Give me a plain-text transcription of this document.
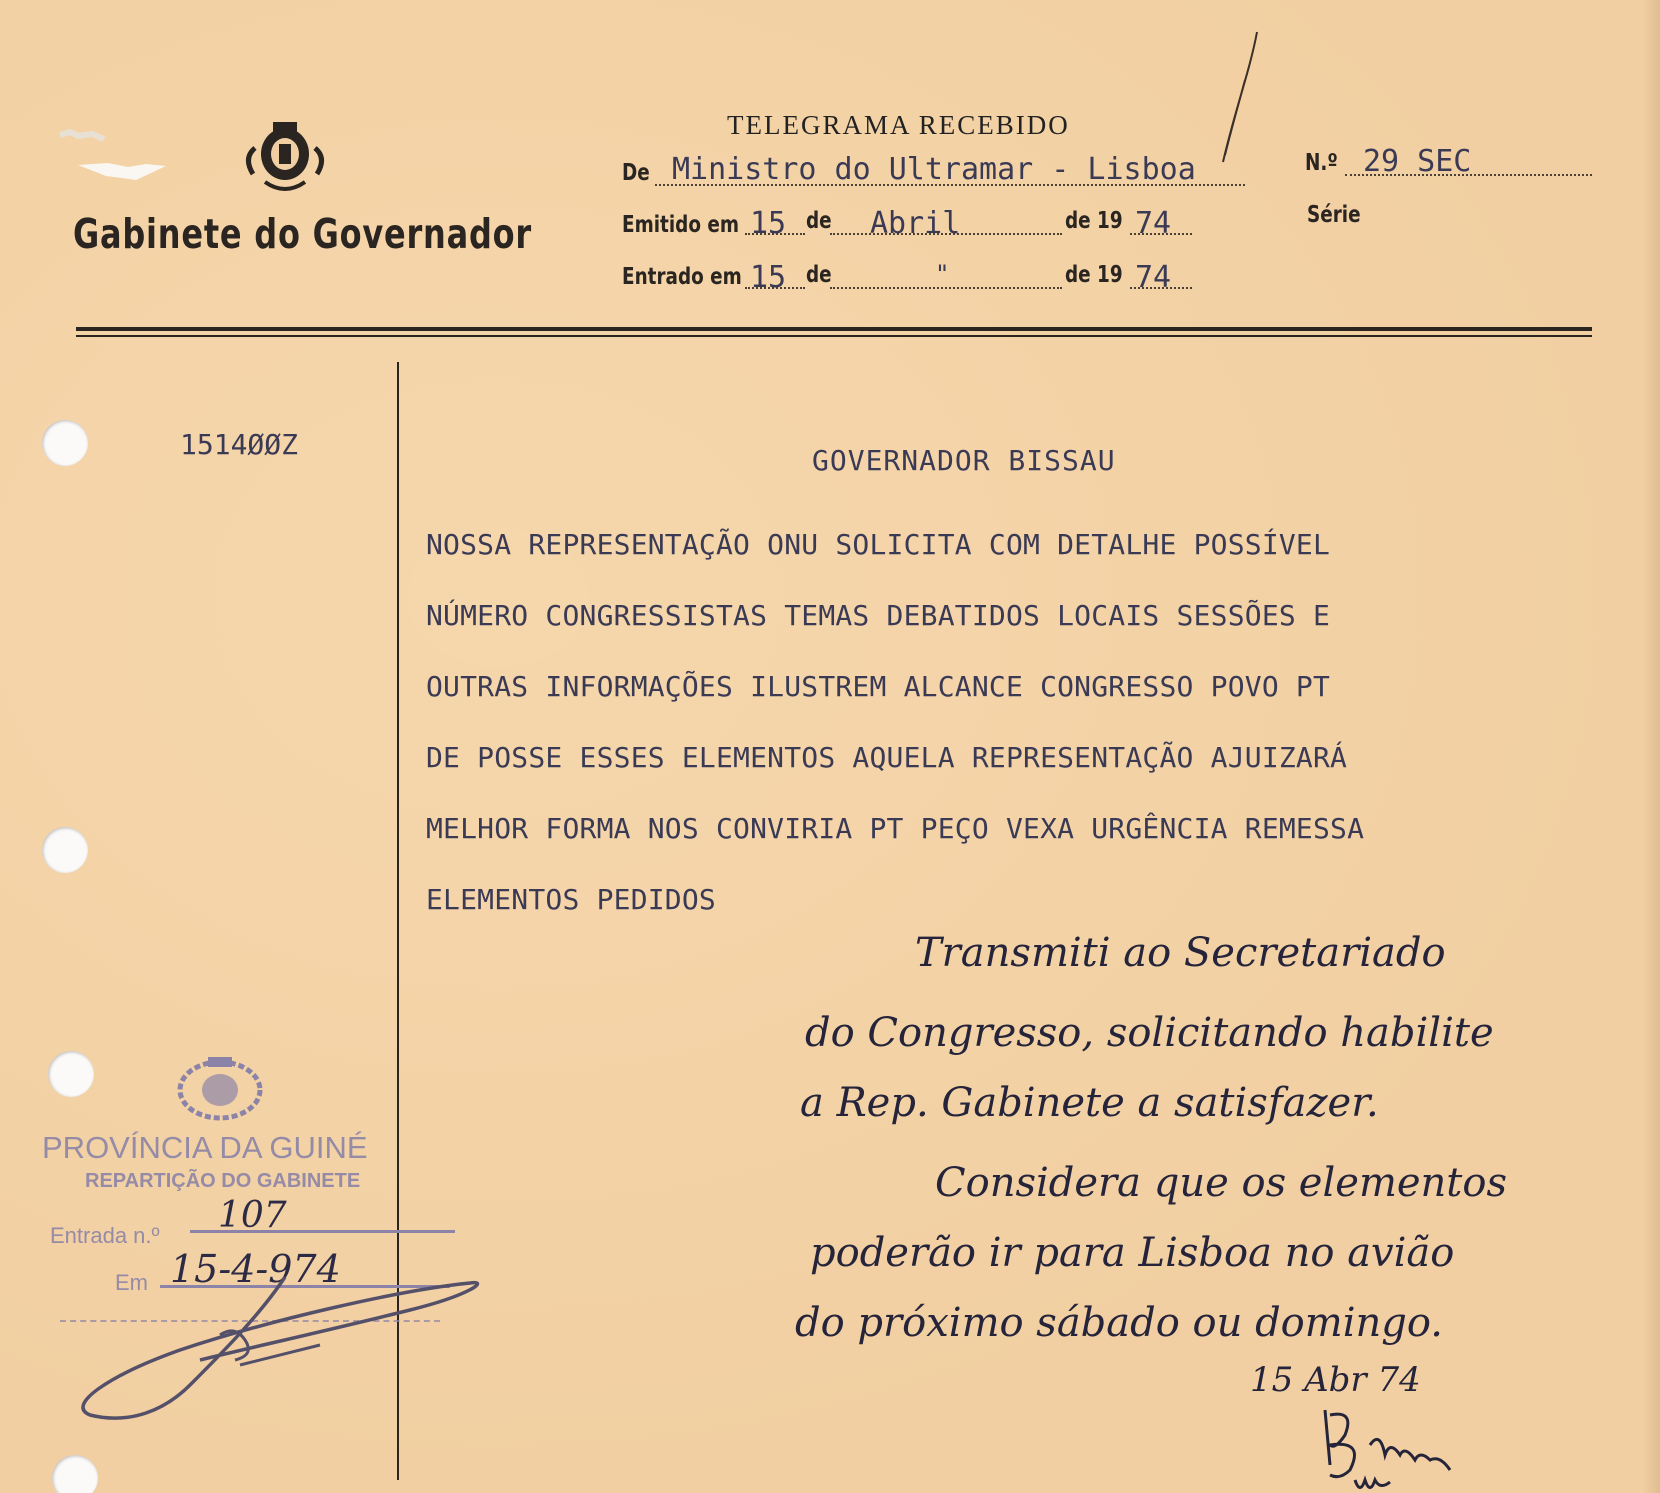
Gabinete do Governador
TELEGRAMA RECEBIDO
De Ministro do Ultramar - Lisboa	N.º 29 SEC
Série
Emitido em 15 de Abril	de 19 74
Entrado em 15 de	"	de 19 74
1514ØØZ	GOVERNADOR BISSAU
NOSSA REPRESENTAÇÃO ONU SOLICITA COM DETALHE POSSÍVEL
NÚMERO CONGRESSISTAS TEMAS DEBATIDOS LOCAIS SESSÕES E
OUTRAS INFORMAÇÕES ILUSTREM ALCANCE CONGRESSO POVO PT
DE POSSE ESSES ELEMENTOS AQUELA REPRESENTAÇÃO AJUIZARÁ
MELHOR FORMA NOS CONVIRIA PT PEÇO VEXA URGÊNCIA REMESSA
ELEMENTOS PEDIDOS
Transmiti ao Secretariado
do Congresso, solicitando habilite
a Rep. Gabinete a satisfazer.
Considera que os elementos
poderão ir para Lisboa no avião
do próximo sábado ou domingo.
15 Abr 74
PROVÍNCIA DA GUINÉ
REPARTIÇÃO DO GABINETE
Entrada n.º 107
Em 15-4-974
